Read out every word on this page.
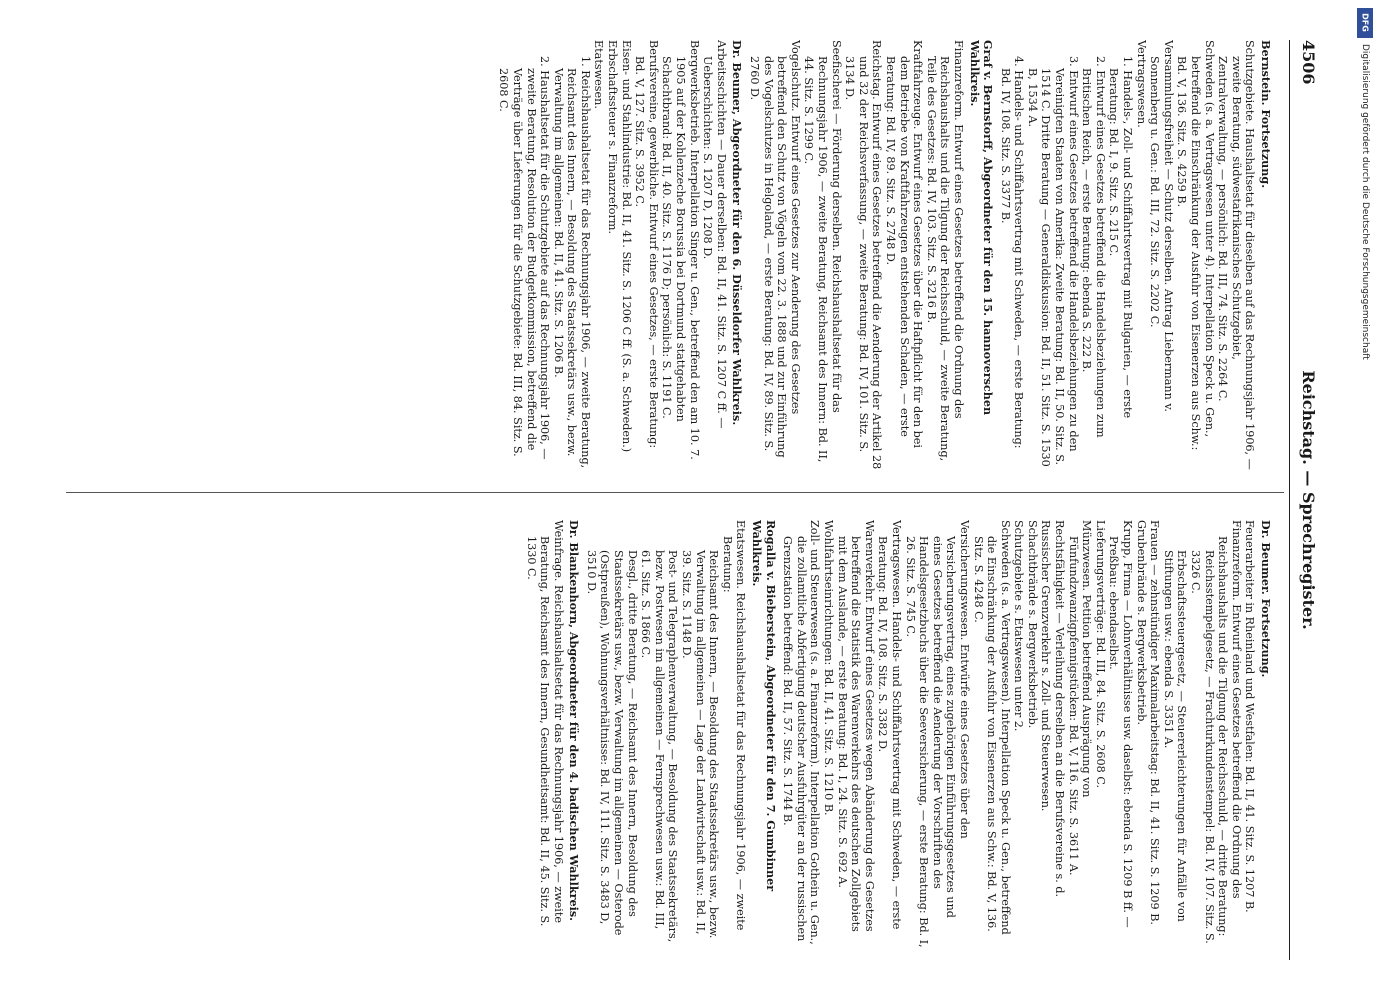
4506
Reichstag. — Sprechregister.

Bernstein. Fortsetzung.

Schutzgebiete. Haushaltsetat für dieselben auf das Rechnungsjahr 1906, — zweite Beratung, südwestafrikanisches Schutzgebiet, Zentralverwaltung, — persönlich: Bd. III, 74. Sitz. S. 2264 C.

Schweden (s. a. Vertragswesen unter 4). Interpellation Speck u. Gen., betreffend die Einschränkung der Ausfuhr von Eisenerzen aus Schw.: Bd. V, 136. Sitz. S. 4259 B.

Versammlungsfreiheit — Schutz derselben. Antrag Liebermann v. Sonnenberg u. Gen.: Bd. III, 72. Sitz. S. 2202 C.

Vertragswesen.

1. Handels-, Zoll- und Schiffahrtsvertrag mit Bulgarien, — erste Beratung: Bd. I, 9. Sitz. S. 215 C.

2. Entwurf eines Gesetzes betreffend die Handelsbeziehungen zum Britischen Reich, — erste Beratung: ebenda S. 222 B.

3. Entwurf eines Gesetzes betreffend die Handelsbeziehungen zu den Vereinigten Staaten von Amerika: Zweite Beratung: Bd. II, 50. Sitz. S. 1514 C. Dritte Beratung — Generaldiskussion: Bd. II, 51. Sitz. S. 1530 B, 1534 A.

4. Handels- und Schiffahrtsvertrag mit Schweden, — erste Beratung: Bd. IV, 108. Sitz. S. 3377 B.

Graf v. Bernstorff, Abgeordneter für den 15. hannoverschen Wahlkreis.

Finanzreform. Entwurf eines Gesetzes betreffend die Ordnung des Reichshaushalts und die Tilgung der Reichsschuld, — zweite Beratung, Teile des Gesetzes: Bd. IV, 103. Sitz. S. 3216 B.

Kraftfahrzeuge. Entwurf eines Gesetzes über die Haftpflicht für den bei dem Betriebe von Kraftfahrzeugen entstehenden Schaden, — erste Beratung: Bd. IV, 89. Sitz. S. 2748 D.

Reichstag. Entwurf eines Gesetzes betreffend die Aenderung der Artikel 28 und 32 der Reichsverfassung, — zweite Beratung: Bd. IV, 101. Sitz. S. 3134 D.

Seefischerei — Förderung derselben. Reichshaushaltsetat für das Rechnungsjahr 1906, — zweite Beratung, Reichsamt des Innern: Bd. II, 44. Sitz. S. 1299 C.

Vogelschutz. Entwurf eines Gesetzes zur Aenderung des Gesetzes betreffend den Schutz von Vögeln vom 22. 3. 1888 und zur Einführung des Vogelschutzes in Helgoland, — erste Beratung: Bd. IV, 89. Sitz. S. 2760 D.

Dr. Beumer, Abgeordneter für den 6. Düsseldorfer Wahlkreis.

Arbeitsschichten — Dauer derselben: Bd. II, 41. Sitz. S. 1207 C ff. — Ueberschichten: S. 1207 D, 1208 D.

Bergwerksbetrieb. Interpellation Singer u. Gen., betreffend den am 10. 7. 1905 auf der Kohlenzeche Borussia bei Dortmund stattgehabten Schachtbrand: Bd. II, 40. Sitz. S. 1176 D; persönlich: S. 1191 C.

Berufsvereine, gewerbliche. Entwurf eines Gesetzes, — erste Beratung: Bd. V, 127. Sitz. S. 3952 C.

Eisen- und Stahlindustrie: Bd. II, 41. Sitz. S. 1206 C ff. (S. a. Schweden.)

Erbschaftssteuer s. Finanzreform.

Etatswesen.

1. Reichshaushaltsetat für das Rechnungsjahr 1906, — zweite Beratung, Reichsamt des Innern, — Besoldung des Staatssekretärs usw., bezw. Verwaltung im allgemeinen: Bd. II, 41. Sitz. S. 1206 B.

2. Haushaltsetat für die Schutzgebiete auf das Rechnungsjahr 1906, — zweite Beratung, Resolution der Budgetkommission, betreffend die Verträge über Lieferungen für die Schutzgebiete: Bd. III, 84. Sitz. S. 2608 C.

Dr. Beumer. Fortsetzung.

Feuerarbeiter in Rheinland und Westfalen: Bd. II, 41. Sitz. S. 1207 B.

Finanzreform. Entwurf eines Gesetzes betreffend die Ordnung des Reichshaushalts und die Tilgung der Reichsschuld, — dritte Beratung:

Reichsstempelgesetz, — Frachturkundenstempel: Bd. IV, 107. Sitz. S. 3326 C.

Erbschaftssteuergesetz, — Steuererleichterungen für Anfälle von Stiftungen usw.: ebenda S. 3351 A.

Frauen — zehnstündiger Maximalarbeitstag: Bd. II, 41. Sitz. S. 1209 B.

Grubenbrände s. Bergwerksbetrieb.

Krupp, Firma — Lohnverhältnisse usw. daselbst: ebenda S. 1209 B ff. — Preßbau: ebendaselbst.

Lieferungsverträge: Bd. III, 84. Sitz. S. 2608 C.

Münzwesen. Petition betreffend Ausprägung von Fünfundzwanzigpfennigstücken: Bd. V, 116. Sitz. S. 3611 A.

Rechtsfähigkeit — Verleihung derselben an die Berufsvereine s. d.

Russischer Grenzverkehr s. Zoll- und Steuerwesen.

Schachtbrände s. Bergwerksbetrieb.

Schutzgebiete s. Etatswesen unter 2.

Schweden (s. a. Vertragswesen). Interpellation Speck u. Gen., betreffend die Einschränkung der Ausfuhr von Eisenerzen aus Schw.: Bd. V, 136. Sitz. S. 4248 C.

Versicherungswesen. Entwürfe eines Gesetzes über den Versicherungsvertrag, eines zugehörigen Einführungsgesetzes und eines Gesetzes betreffend die Aenderung der Vorschriften des Handelsgesetzbuchs über die Seeversicherung, — erste Beratung: Bd. I, 26. Sitz. S. 745 C.

Vertragswesen. Handels- und Schiffahrtsvertrag mit Schweden, — erste Beratung: Bd. IV, 108. Sitz. S. 3382 D.

Warenverkehr. Entwurf eines Gesetzes wegen Abänderung des Gesetzes betreffend die Statistik des Warenverkehrs des deutschen Zollgebiets mit dem Auslande, — erste Beratung: Bd. I, 24. Sitz. S. 692 A.

Wohlfahrtseinrichtungen: Bd. II, 41. Sitz. S. 1210 B.

Zoll- und Steuerwesen (s. a. Finanzreform). Interpellation Gothein u. Gen., die zollamtliche Abfertigung deutscher Ausfuhrgüter an der russischen Grenzstation betreffend: Bd. II, 57. Sitz. S. 1744 B.

Rogalla v. Bieberstein, Abgeordneter für den 7. Gumbinner Wahlkreis.

Etatswesen. Reichshaushaltsetat für das Rechnungsjahr 1906, — zweite Beratung:

Reichsamt des Innern, — Besoldung des Staatssekretärs usw., bezw. Verwaltung im allgemeinen — Lage der Landwirtschaft usw.: Bd. II, 39. Sitz. S. 1148 D.

Post- und Telegraphenverwaltung, — Besoldung des Staatssekretärs, bezw. Postwesen im allgemeinen — Fernsprechwesen usw.: Bd. III, 61. Sitz. S. 1866 C.

Desgl., dritte Beratung, — Reichsamt des Innern, Besoldung des Staatssekretärs usw., bezw. Verwaltung im allgemeinen — Osterode (Ostpreußen), Wohnungsverhältnisse: Bd. IV, 111. Sitz. S. 3483 D, 3510 D.

Dr. Blankenhorn, Abgeordneter für den 4. badischen Wahlkreis.

Weinfrage. Reichshaushaltsetat für das Rechnungsjahr 1906, — zweite Beratung, Reichsamt des Innern, Gesundheitsamt: Bd. II, 45. Sitz. S. 1330 C.

DFG
Digitalisierung gefördert durch die Deutsche Forschungsgemeinschaft
